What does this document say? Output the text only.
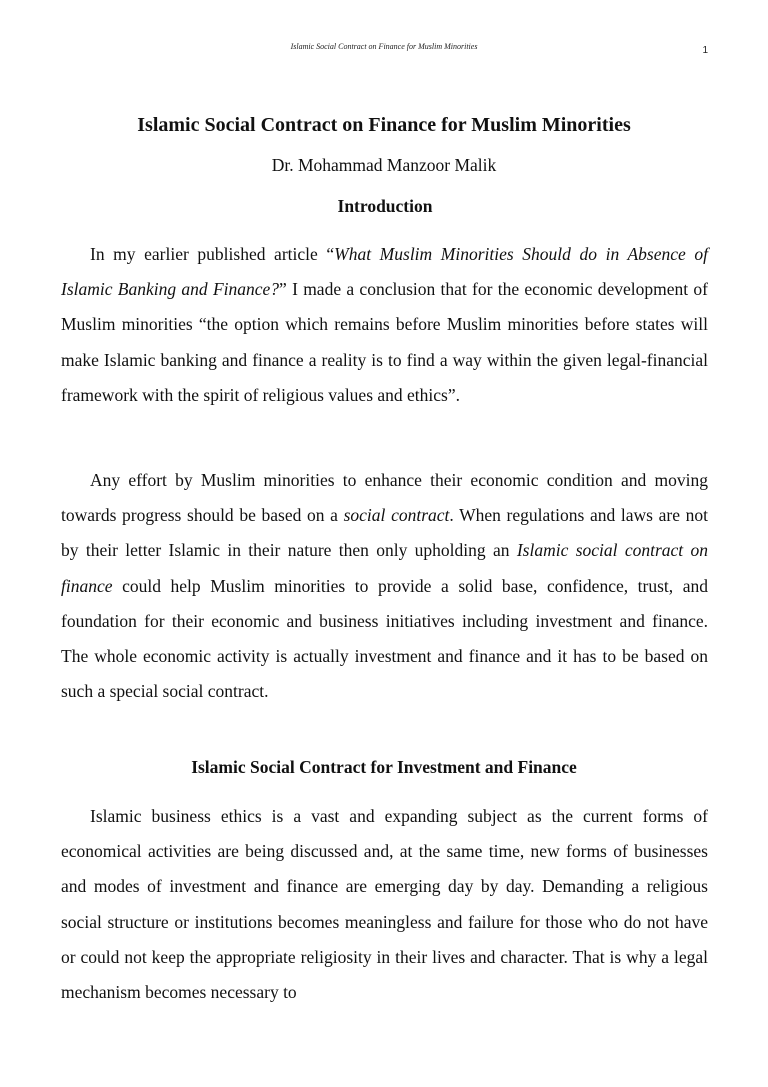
Islamic Social Contract on Finance for Muslim Minorities	1
Islamic Social Contract on Finance for Muslim Minorities
Dr. Mohammad Manzoor Malik
Introduction

In my earlier published article “What Muslim Minorities Should do in Absence of Islamic Banking and Finance?” I made a conclusion that for the economic development of Muslim minorities “the option which remains before Muslim minorities before states will make Islamic banking and finance a reality is to find a way within the given legal-financial framework with the spirit of religious values and ethics”.

Any effort by Muslim minorities to enhance their economic condition and moving towards progress should be based on a social contract. When regulations and laws are not by their letter Islamic in their nature then only upholding an Islamic social contract on finance could help Muslim minorities to provide a solid base, confidence, trust, and foundation for their economic and business initiatives including investment and finance. The whole economic activity is actually investment and finance and it has to be based on such a special social contract.

Islamic Social Contract for Investment and Finance

Islamic business ethics is a vast and expanding subject as the current forms of economical activities are being discussed and, at the same time, new forms of businesses and modes of investment and finance are emerging day by day. Demanding a religious social structure or institutions becomes meaningless and failure for those who do not have or could not keep the appropriate religiosity in their lives and character. That is why a legal mechanism becomes necessary to
